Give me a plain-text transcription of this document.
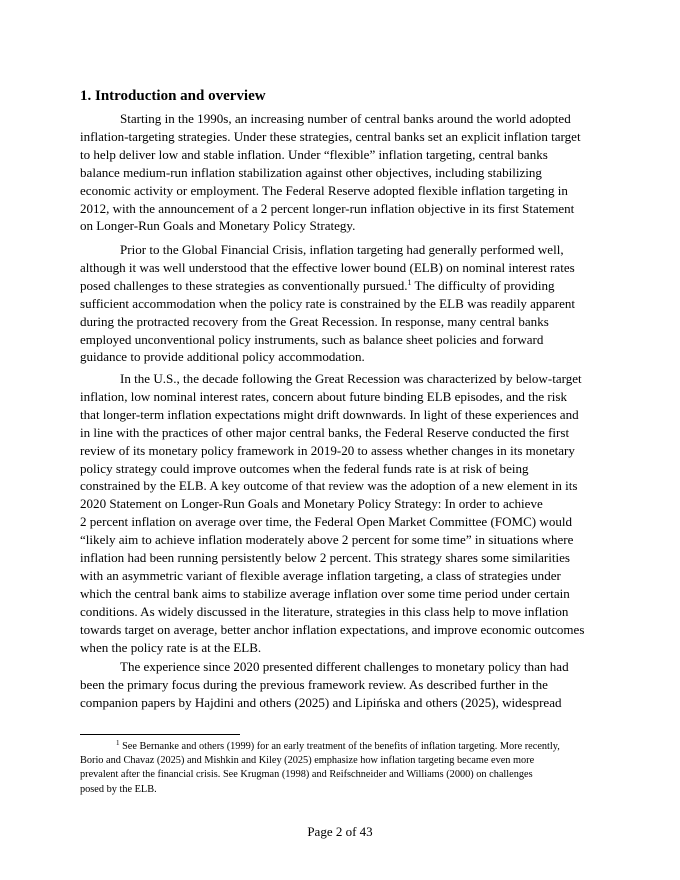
1. Introduction and overview

Starting in the 1990s, an increasing number of central banks around the world adopted
inflation-targeting strategies. Under these strategies, central banks set an explicit inflation target
to help deliver low and stable inflation. Under “flexible” inflation targeting, central banks
balance medium-run inflation stabilization against other objectives, including stabilizing
economic activity or employment. The Federal Reserve adopted flexible inflation targeting in
2012, with the announcement of a 2 percent longer-run inflation objective in its first Statement
on Longer-Run Goals and Monetary Policy Strategy.

Prior to the Global Financial Crisis, inflation targeting had generally performed well,
although it was well understood that the effective lower bound (ELB) on nominal interest rates
posed challenges to these strategies as conventionally pursued.$^1$ The difficulty of providing
sufficient accommodation when the policy rate is constrained by the ELB was readily apparent
during the protracted recovery from the Great Recession. In response, many central banks
employed unconventional policy instruments, such as balance sheet policies and forward
guidance to provide additional policy accommodation.

In the U.S., the decade following the Great Recession was characterized by below-target
inflation, low nominal interest rates, concern about future binding ELB episodes, and the risk
that longer-term inflation expectations might drift downwards. In light of these experiences and
in line with the practices of other major central banks, the Federal Reserve conducted the first
review of its monetary policy framework in 2019-20 to assess whether changes in its monetary
policy strategy could improve outcomes when the federal funds rate is at risk of being
constrained by the ELB. A key outcome of that review was the adoption of a new element in its
2020 Statement on Longer-Run Goals and Monetary Policy Strategy: In order to achieve
2 percent inflation on average over time, the Federal Open Market Committee (FOMC) would
“likely aim to achieve inflation moderately above 2 percent for some time” in situations where
inflation had been running persistently below 2 percent. This strategy shares some similarities
with an asymmetric variant of flexible average inflation targeting, a class of strategies under
which the central bank aims to stabilize average inflation over some time period under certain
conditions. As widely discussed in the literature, strategies in this class help to move inflation
towards target on average, better anchor inflation expectations, and improve economic outcomes
when the policy rate is at the ELB.

The experience since 2020 presented different challenges to monetary policy than had
been the primary focus during the previous framework review. As described further in the
companion papers by Hajdini and others (2025) and Lipińska and others (2025), widespread

$^1$ See Bernanke and others (1999) for an early treatment of the benefits of inflation targeting. More recently,
Borio and Chavaz (2025) and Mishkin and Kiley (2025) emphasize how inflation targeting became even more
prevalent after the financial crisis. See Krugman (1998) and Reifschneider and Williams (2000) on challenges
posed by the ELB.
Page 2 of 43
